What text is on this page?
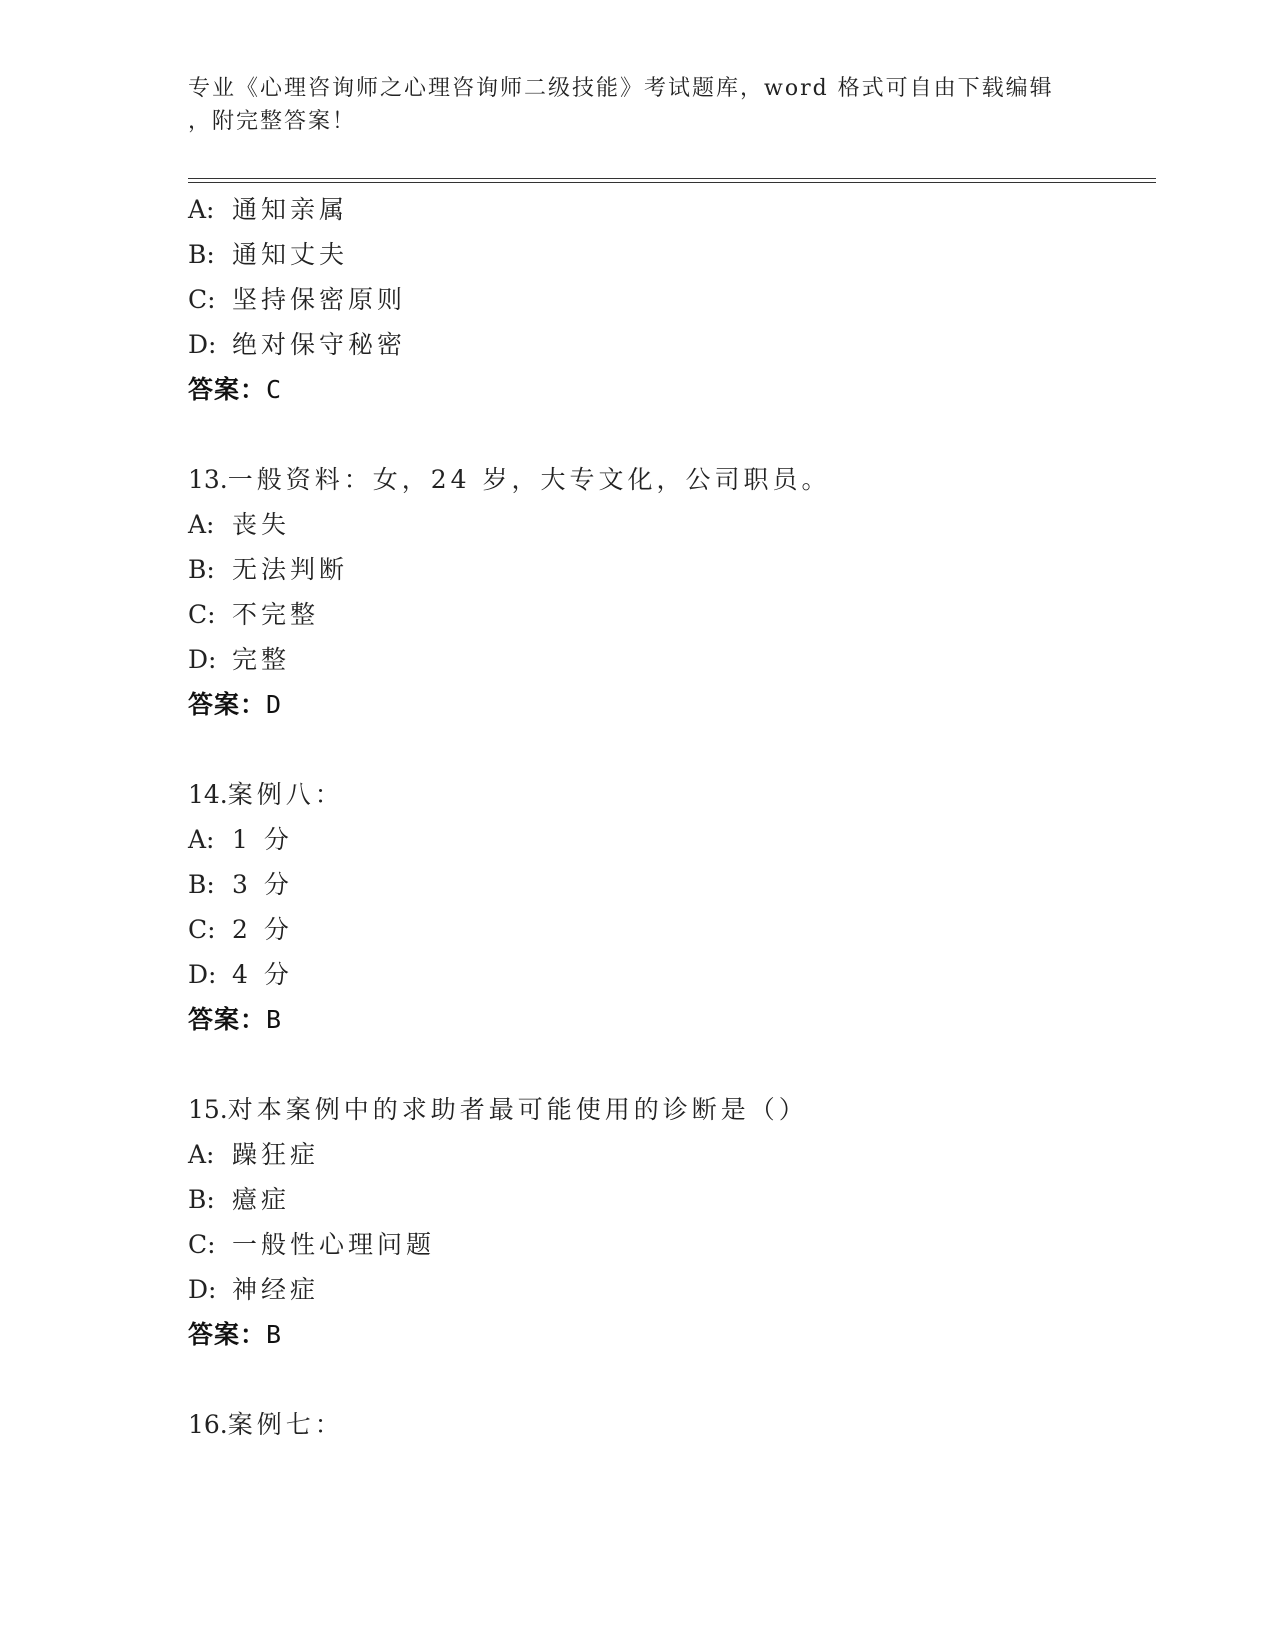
专业《心理咨询师之心理咨询师二级技能》考试题库，word 格式可自由下载编辑
，附完整答案！
A: 通知亲属
B: 通知丈夫
C: 坚持保密原则
D: 绝对保守秘密
答案：C
13.一般资料：女，24 岁，大专文化，公司职员。
A: 丧失
B: 无法判断
C: 不完整
D: 完整
答案：D
14.案例八：
A: 1 分
B: 3 分
C: 2 分
D: 4 分
答案：B
15.对本案例中的求助者最可能使用的诊断是（）
A: 躁狂症
B: 癔症
C: 一般性心理问题
D: 神经症
答案：B
16.案例七：
